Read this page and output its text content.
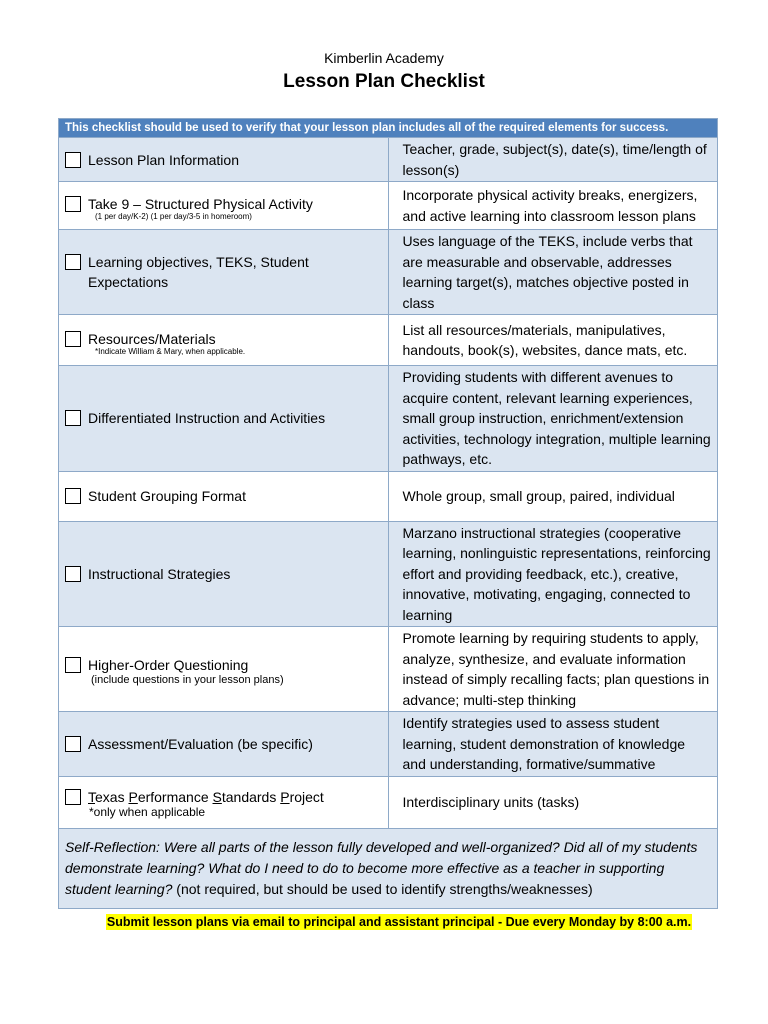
Kimberlin Academy
Lesson Plan Checklist
This checklist should be used to verify that your lesson plan includes all of the required elements for success.	

Lesson Plan Information	Teacher, grade, subject(s), date(s), time/length of lesson(s)

Take 9 – Structured Physical Activity
(1 per day/K-2) (1 per day/3-5 in homeroom)	Incorporate physical activity breaks, energizers, and active learning into classroom lesson plans

Learning objectives, TEKS, Student Expectations	Uses language of the TEKS, include verbs that are measurable and observable, addresses learning target(s), matches objective posted in class

Resources/Materials
*Indicate William & Mary, when applicable.	List all resources/materials, manipulatives, handouts, book(s), websites, dance mats, etc.

Differentiated Instruction and Activities	Providing students with different avenues to acquire content, relevant learning experiences, small group instruction, enrichment/extension activities, technology integration, multiple learning pathways, etc.

Student Grouping Format	Whole group, small group, paired, individual

Instructional Strategies	Marzano instructional strategies (cooperative learning, nonlinguistic representations, reinforcing effort and providing feedback, etc.), creative, innovative, motivating, engaging, connected to learning

Higher-Order Questioning
(include questions in your lesson plans)	Promote learning by requiring students to apply, analyze, synthesize, and evaluate information instead of simply recalling facts; plan questions in advance; multi-step thinking

Assessment/Evaluation (be specific)	Identify strategies used to assess student learning, student demonstration of knowledge and understanding, formative/summative

Texas Performance Standards Project
*only when applicable	Interdisciplinary units (tasks)
Self-Reflection: Were all parts of the lesson fully developed and well-organized? Did all of my students demonstrate learning? What do I need to do to become more effective as a teacher in supporting student learning? (not required, but should be used to identify strengths/weaknesses)	
Submit lesson plans via email to principal and assistant principal - Due every Monday by 8:00 a.m.
